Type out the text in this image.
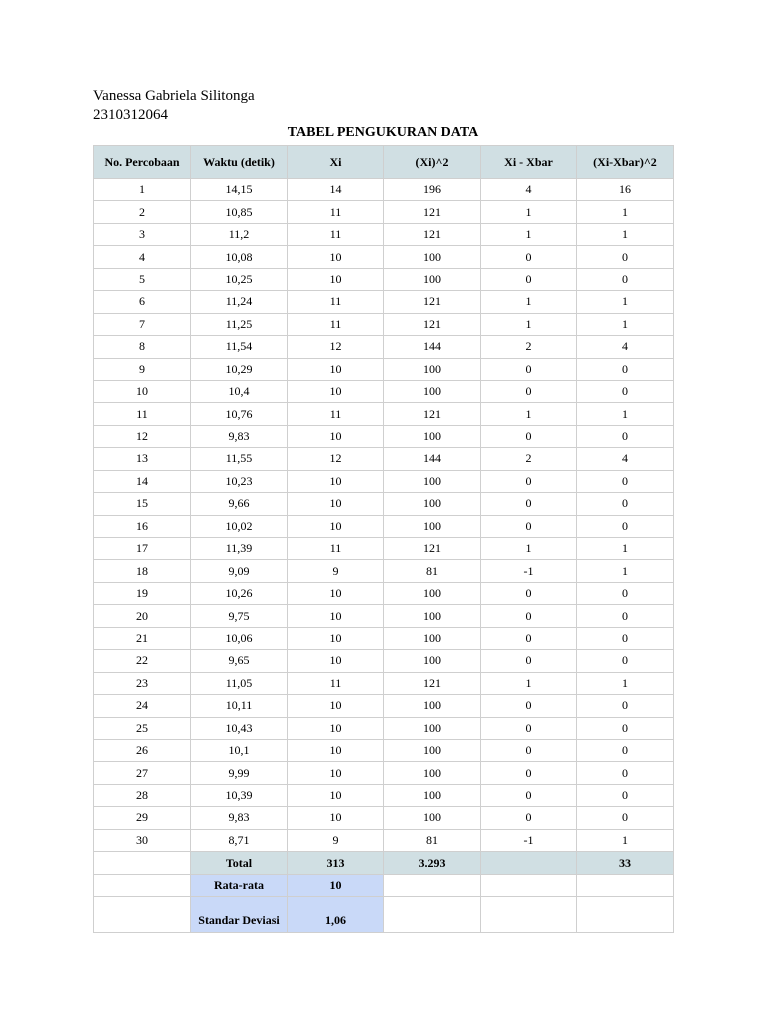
Vanessa Gabriela Silitonga
2310312064
TABEL PENGUKURAN DATA
No. Percobaan	Waktu (detik)	Xi	(Xi)^2	Xi - Xbar	(Xi-Xbar)^2
1	14,15	14	196	4	16
2	10,85	11	121	1	1
3	11,2	11	121	1	1
4	10,08	10	100	0	0
5	10,25	10	100	0	0
6	11,24	11	121	1	1
7	11,25	11	121	1	1
8	11,54	12	144	2	4
9	10,29	10	100	0	0
10	10,4	10	100	0	0
11	10,76	11	121	1	1
12	9,83	10	100	0	0
13	11,55	12	144	2	4
14	10,23	10	100	0	0
15	9,66	10	100	0	0
16	10,02	10	100	0	0
17	11,39	11	121	1	1
18	9,09	9	81	-1	1
19	10,26	10	100	0	0
20	9,75	10	100	0	0
21	10,06	10	100	0	0
22	9,65	10	100	0	0
23	11,05	11	121	1	1
24	10,11	10	100	0	0
25	10,43	10	100	0	0
26	10,1	10	100	0	0
27	9,99	10	100	0	0
28	10,39	10	100	0	0
29	9,83	10	100	0	0
30	8,71	9	81	-1	1
	Total	313	3.293		33
	Rata-rata	10			
	Standar Deviasi	1,06			
